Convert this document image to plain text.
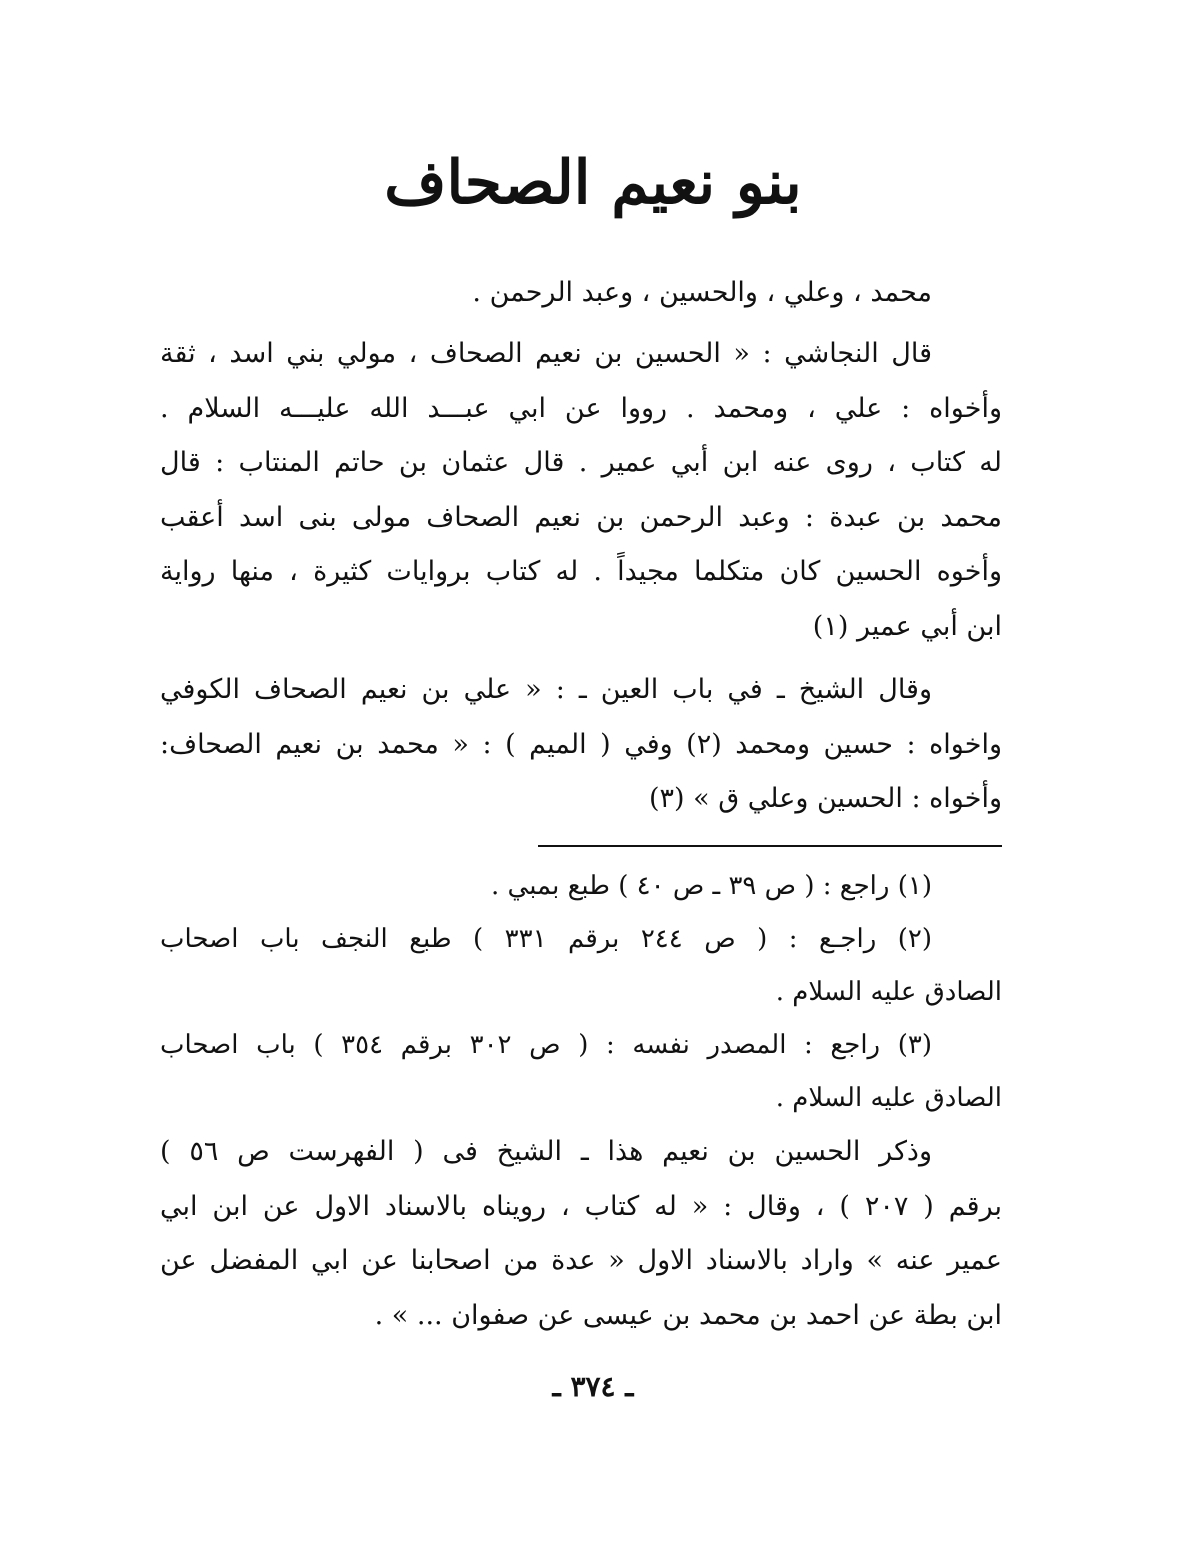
بنو نعيم الصحاف
محمد ، وعلي ، والحسين ، وعبد الرحمن .
قال النجاشي : « الحسين بن نعيم الصحاف ، مولي بني اسد ، ثقة
وأخواه : علي ، ومحمد . رووا عن ابي عبـــد الله عليـــه السلام .
له كتاب ، روى عنه ابن أبي عمير . قال عثمان بن حاتم المنتاب : قال
محمد بن عبدة : وعبد الرحمن بن نعيم الصحاف مولى بنى اسد أعقب
وأخوه الحسين كان متكلما مجيداً . له كتاب بروايات كثيرة ، منها رواية
ابن أبي عمير (١)
وقال الشيخ ـ في باب العين ـ : « علي بن نعيم الصحاف الكوفي
واخواه : حسين ومحمد (٢) وفي ( الميم ) : « محمد بن نعيم الصحاف:
وأخواه : الحسين وعلي ق » (٣)
(١) راجع : ( ص ٣٩ ـ ص ٤٠ ) طبع بمبي .
(٢) راجـع : ( ص ٢٤٤ برقم ٣٣١ ) طبع النجف باب اصحاب
الصادق عليه السلام .
(٣) راجع : المصدر نفسه : ( ص ٣٠٢ برقم ٣٥٤ ) باب اصحاب
الصادق عليه السلام .
وذكر الحسين بن نعيم هذا ـ الشيخ فى ( الفهرست ص ٥٦ )
برقم ( ٢٠٧ ) ، وقال : « له كتاب ، رويناه بالاسناد الاول عن ابن ابي
عمير عنه » واراد بالاسناد الاول « عدة من اصحابنا عن ابي المفضل عن
ابن بطة عن احمد بن محمد بن عيسى عن صفوان ... » .
ـ ٣٧٤ ـ
